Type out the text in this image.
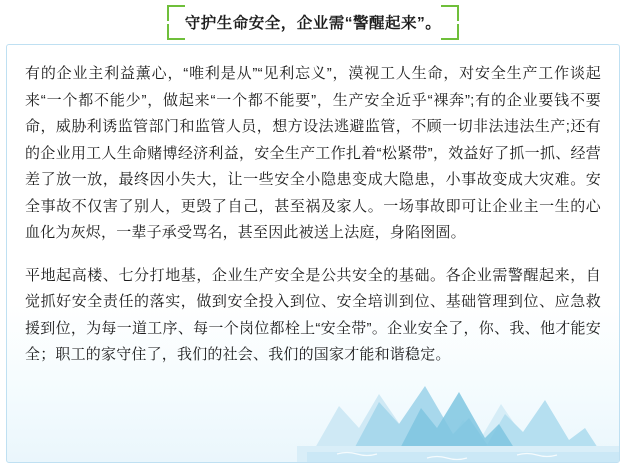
守护生命安全，企业需“警醒起来”。

有的企业主利益薰心，“唯利是从”“见利忘义”，漠视工人生命，对安全生产工作谈起来“一个都不能少”，做起来“一个都不能要”，生产安全近乎“裸奔”;有的企业要钱不要命，威胁利诱监管部门和监管人员，想方设法逃避监管，不顾一切非法违法生产;还有的企业用工人生命赌博经济利益，安全生产工作扎着“松紧带”，效益好了抓一抓、经营差了放一放，最终因小失大，让一些安全小隐患变成大隐患，小事故变成大灾难。安全事故不仅害了别人，更毁了自己，甚至祸及家人。一场事故即可让企业主一生的心血化为灰烬，一辈子承受骂名，甚至因此被送上法庭，身陷囹圄。

平地起高楼、七分打地基，企业生产安全是公共安全的基础。各企业需警醒起来，自觉抓好安全责任的落实，做到安全投入到位、安全培训到位、基础管理到位、应急救援到位，为每一道工序、每一个岗位都栓上“安全带”。企业安全了，你、我、他才能安全；职工的家守住了，我们的社会、我们的国家才能和谐稳定。
